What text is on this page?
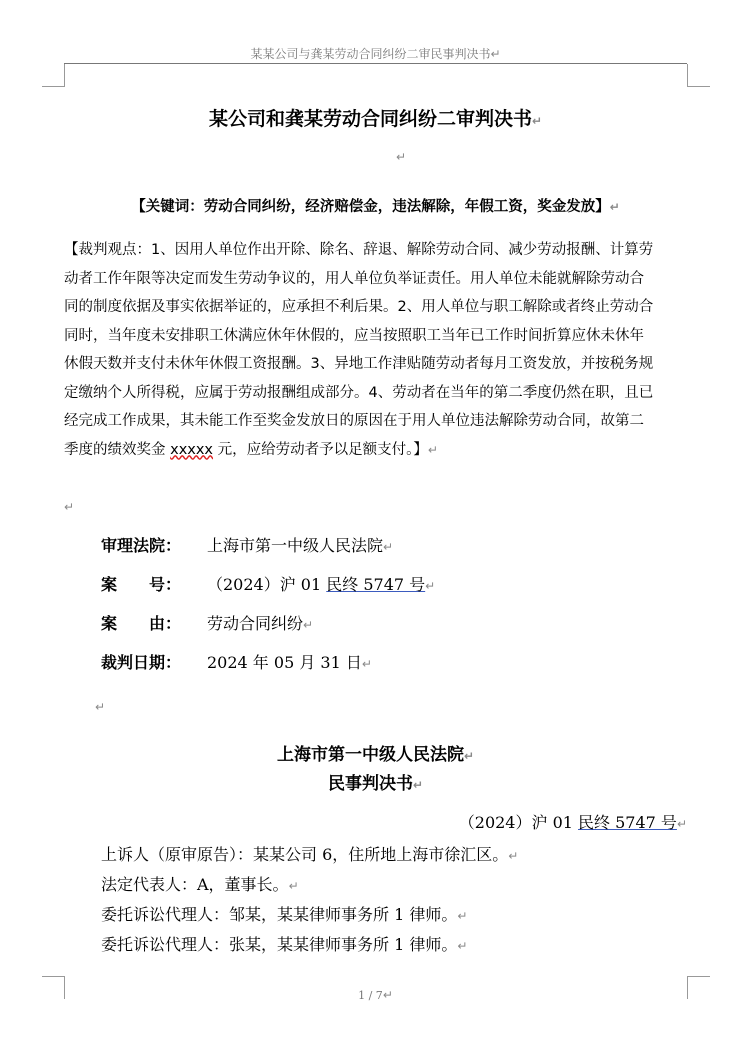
某某公司与龚某劳动合同纠纷二审民事判决书↵
某公司和龚某劳动合同纠纷二审判决书↵
↵
【关键词：劳动合同纠纷，经济赔偿金，违法解除，年假工资，奖金发放】↵
【裁判观点：1、因用人单位作出开除、除名、辞退、解除劳动合同、减少劳动报酬、计算劳
动者工作年限等决定而发生劳动争议的，用人单位负举证责任。用人单位未能就解除劳动合
同的制度依据及事实依据举证的，应承担不利后果。2、用人单位与职工解除或者终止劳动合
同时，当年度未安排职工休满应休年休假的，应当按照职工当年已工作时间折算应休未休年
休假天数并支付未休年休假工资报酬。3、异地工作津贴随劳动者每月工资发放，并按税务规
定缴纳个人所得税，应属于劳动报酬组成部分。4、劳动者在当年的第二季度仍然在职，且已
经完成工作成果，其未能工作至奖金发放日的原因在于用人单位违法解除劳动合同，故第二
季度的绩效奖金 xxxxx 元，应给劳动者予以足额支付。】↵
↵
审理法院： 上海市第一中级人民法院↵
案　　号： （2024）沪 01 民终 5747 号↵
案　　由： 劳动合同纠纷↵
裁判日期： 2024 年 05 月 31 日↵
↵
上海市第一中级人民法院↵
民事判决书↵
（2024）沪 01 民终 5747 号↵
上诉人（原审原告）：某某公司 6，住所地上海市徐汇区。↵
法定代表人：A，董事长。↵
委托诉讼代理人：邹某，某某律师事务所 1 律师。↵
委托诉讼代理人：张某，某某律师事务所 1 律师。↵
1 / 7↵
